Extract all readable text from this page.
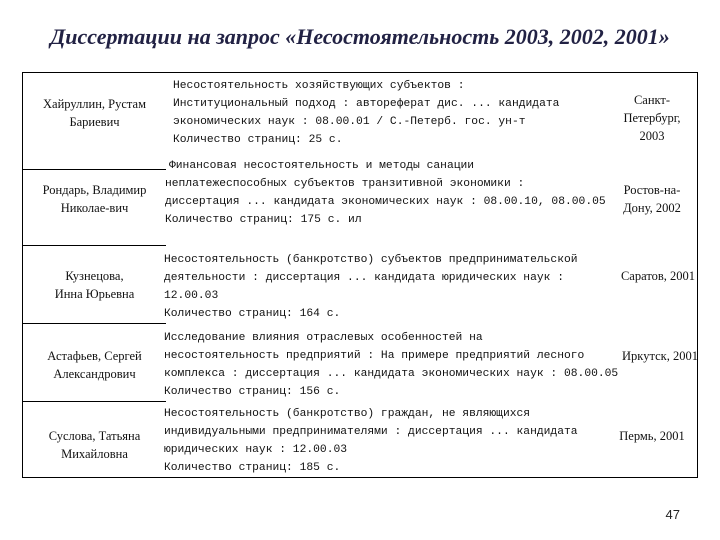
Диссертации на запрос «Несостоятельность 2003, 2002, 2001»
Хайруллин, Рустам
Бариевич
Несостоятельность хозяйствующих субъектов :
Институциональный подход : автореферат дис. ... кандидата
экономических наук : 08.00.01 / С.-Петерб. гос. ун-т
Количество страниц: 25 с.
Санкт-
Петербург,
2003
Рондарь, Владимир
Николае-вич
Финансовая несостоятельность и методы санации
неплатежеспособных субъектов транзитивной экономики :
диссертация ... кандидата экономических наук : 08.00.10, 08.00.05
Количество страниц: 175 с. ил
Ростов-на-
Дону, 2002
Кузнецова,
Инна Юрьевна
Несостоятельность (банкротство) субъектов предпринимательской
деятельности : диссертация ... кандидата юридических наук :
12.00.03
Количество страниц: 164 с.
Саратов, 2001
Астафьев, Сергей
Александрович
Исследование влияния отраслевых особенностей на
несостоятельность предприятий : На примере предприятий лесного
комплекса : диссертация ... кандидата экономических наук : 08.00.05
Количество страниц: 156 с.
Иркутск, 2001
Суслова, Татьяна
Михайловна
Несостоятельность (банкротство) граждан, не являющихся
индивидуальными предпринимателями : диссертация ... кандидата
юридических наук : 12.00.03
Количество страниц: 185 с.
Пермь, 2001
47
